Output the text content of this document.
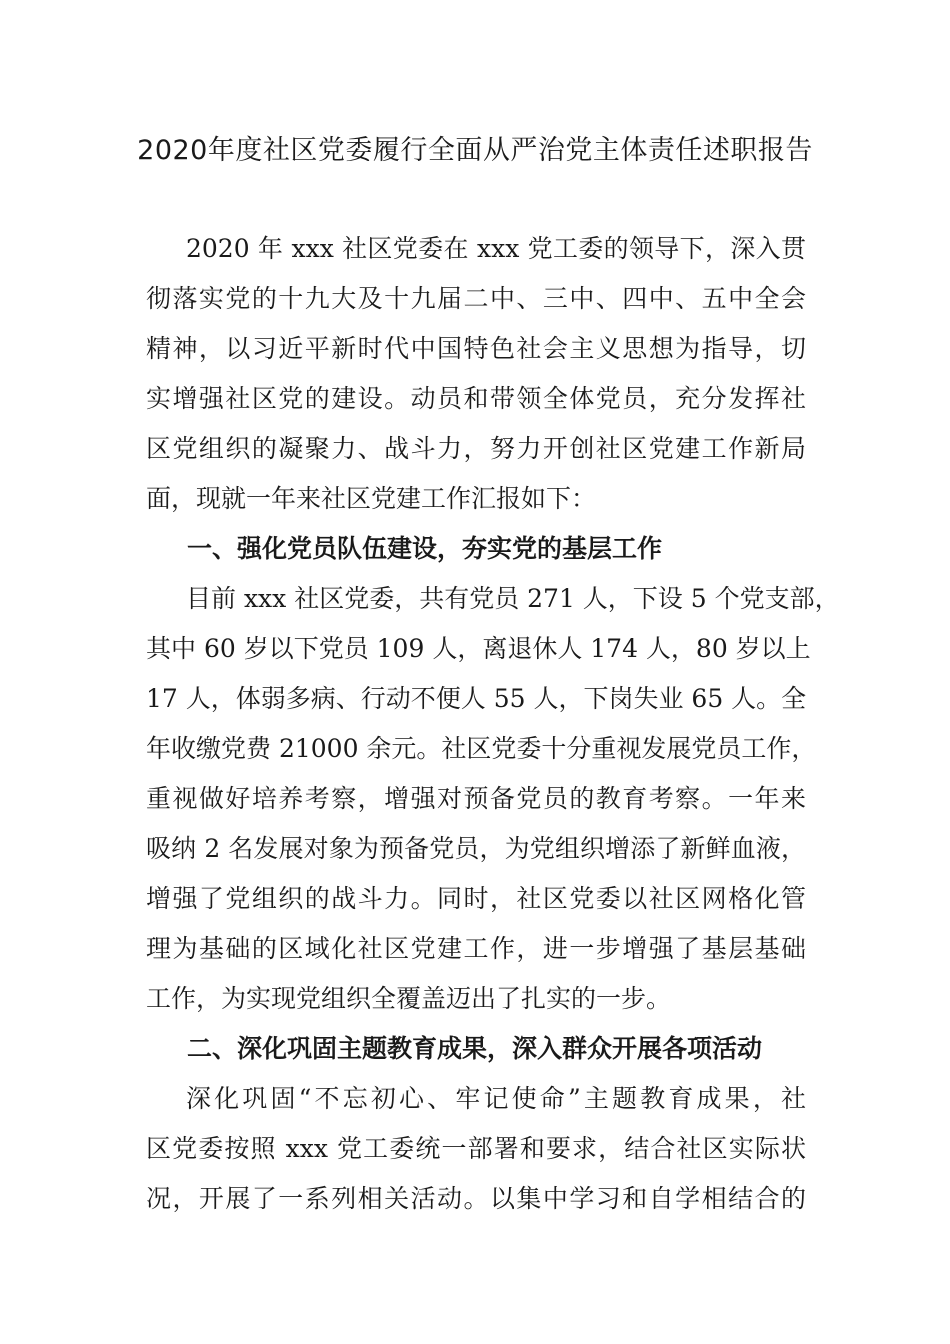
2020年度社区党委履行全面从严治党主体责任述职报告
2020 年 xxx 社区党委在 xxx 党工委的领导下，深入贯
彻落实党的十九大及十九届二中、三中、四中、五中全会
精神，以习近平新时代中国特色社会主义思想为指导，切
实增强社区党的建设。动员和带领全体党员，充分发挥社
区党组织的凝聚力、战斗力，努力开创社区党建工作新局
面，现就一年来社区党建工作汇报如下：
一、强化党员队伍建设，夯实党的基层工作
目前 xxx 社区党委，共有党员 271 人，下设 5 个党支部，
其中 60 岁以下党员 109 人，离退休人 174 人，80 岁以上
17 人，体弱多病、行动不便人 55 人，下岗失业 65 人。全
年收缴党费 21000 余元。社区党委十分重视发展党员工作，
重视做好培养考察，增强对预备党员的教育考察。一年来
吸纳 2 名发展对象为预备党员，为党组织增添了新鲜血液，
增强了党组织的战斗力。同时，社区党委以社区网格化管
理为基础的区域化社区党建工作，进一步增强了基层基础
工作，为实现党组织全覆盖迈出了扎实的一步。
二、深化巩固主题教育成果，深入群众开展各项活动
深化巩固“不忘初心、牢记使命”主题教育成果，社
区党委按照 xxx 党工委统一部署和要求，结合社区实际状
况，开展了一系列相关活动。以集中学习和自学相结合的
